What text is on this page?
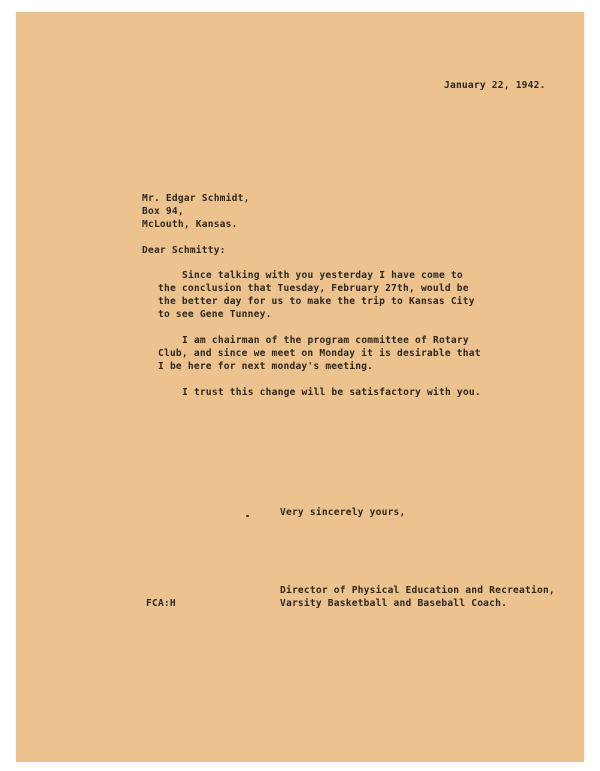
January 22, 1942.
Mr. Edgar Schmidt,
Box 94,
McLouth, Kansas.
Dear Schmitty:
Since talking with you yesterday I have come to
the conclusion that Tuesday, February 27th, would be
the better day for us to make the trip to Kansas City
to see Gene Tunney.
I am chairman of the program committee of Rotary
Club, and since we meet on Monday it is desirable that
I be here for next monday's meeting.
I trust this change will be satisfactory with you.
Very sincerely yours,
Director of Physical Education and Recreation,
Varsity Basketball and Baseball Coach.
FCA:H
